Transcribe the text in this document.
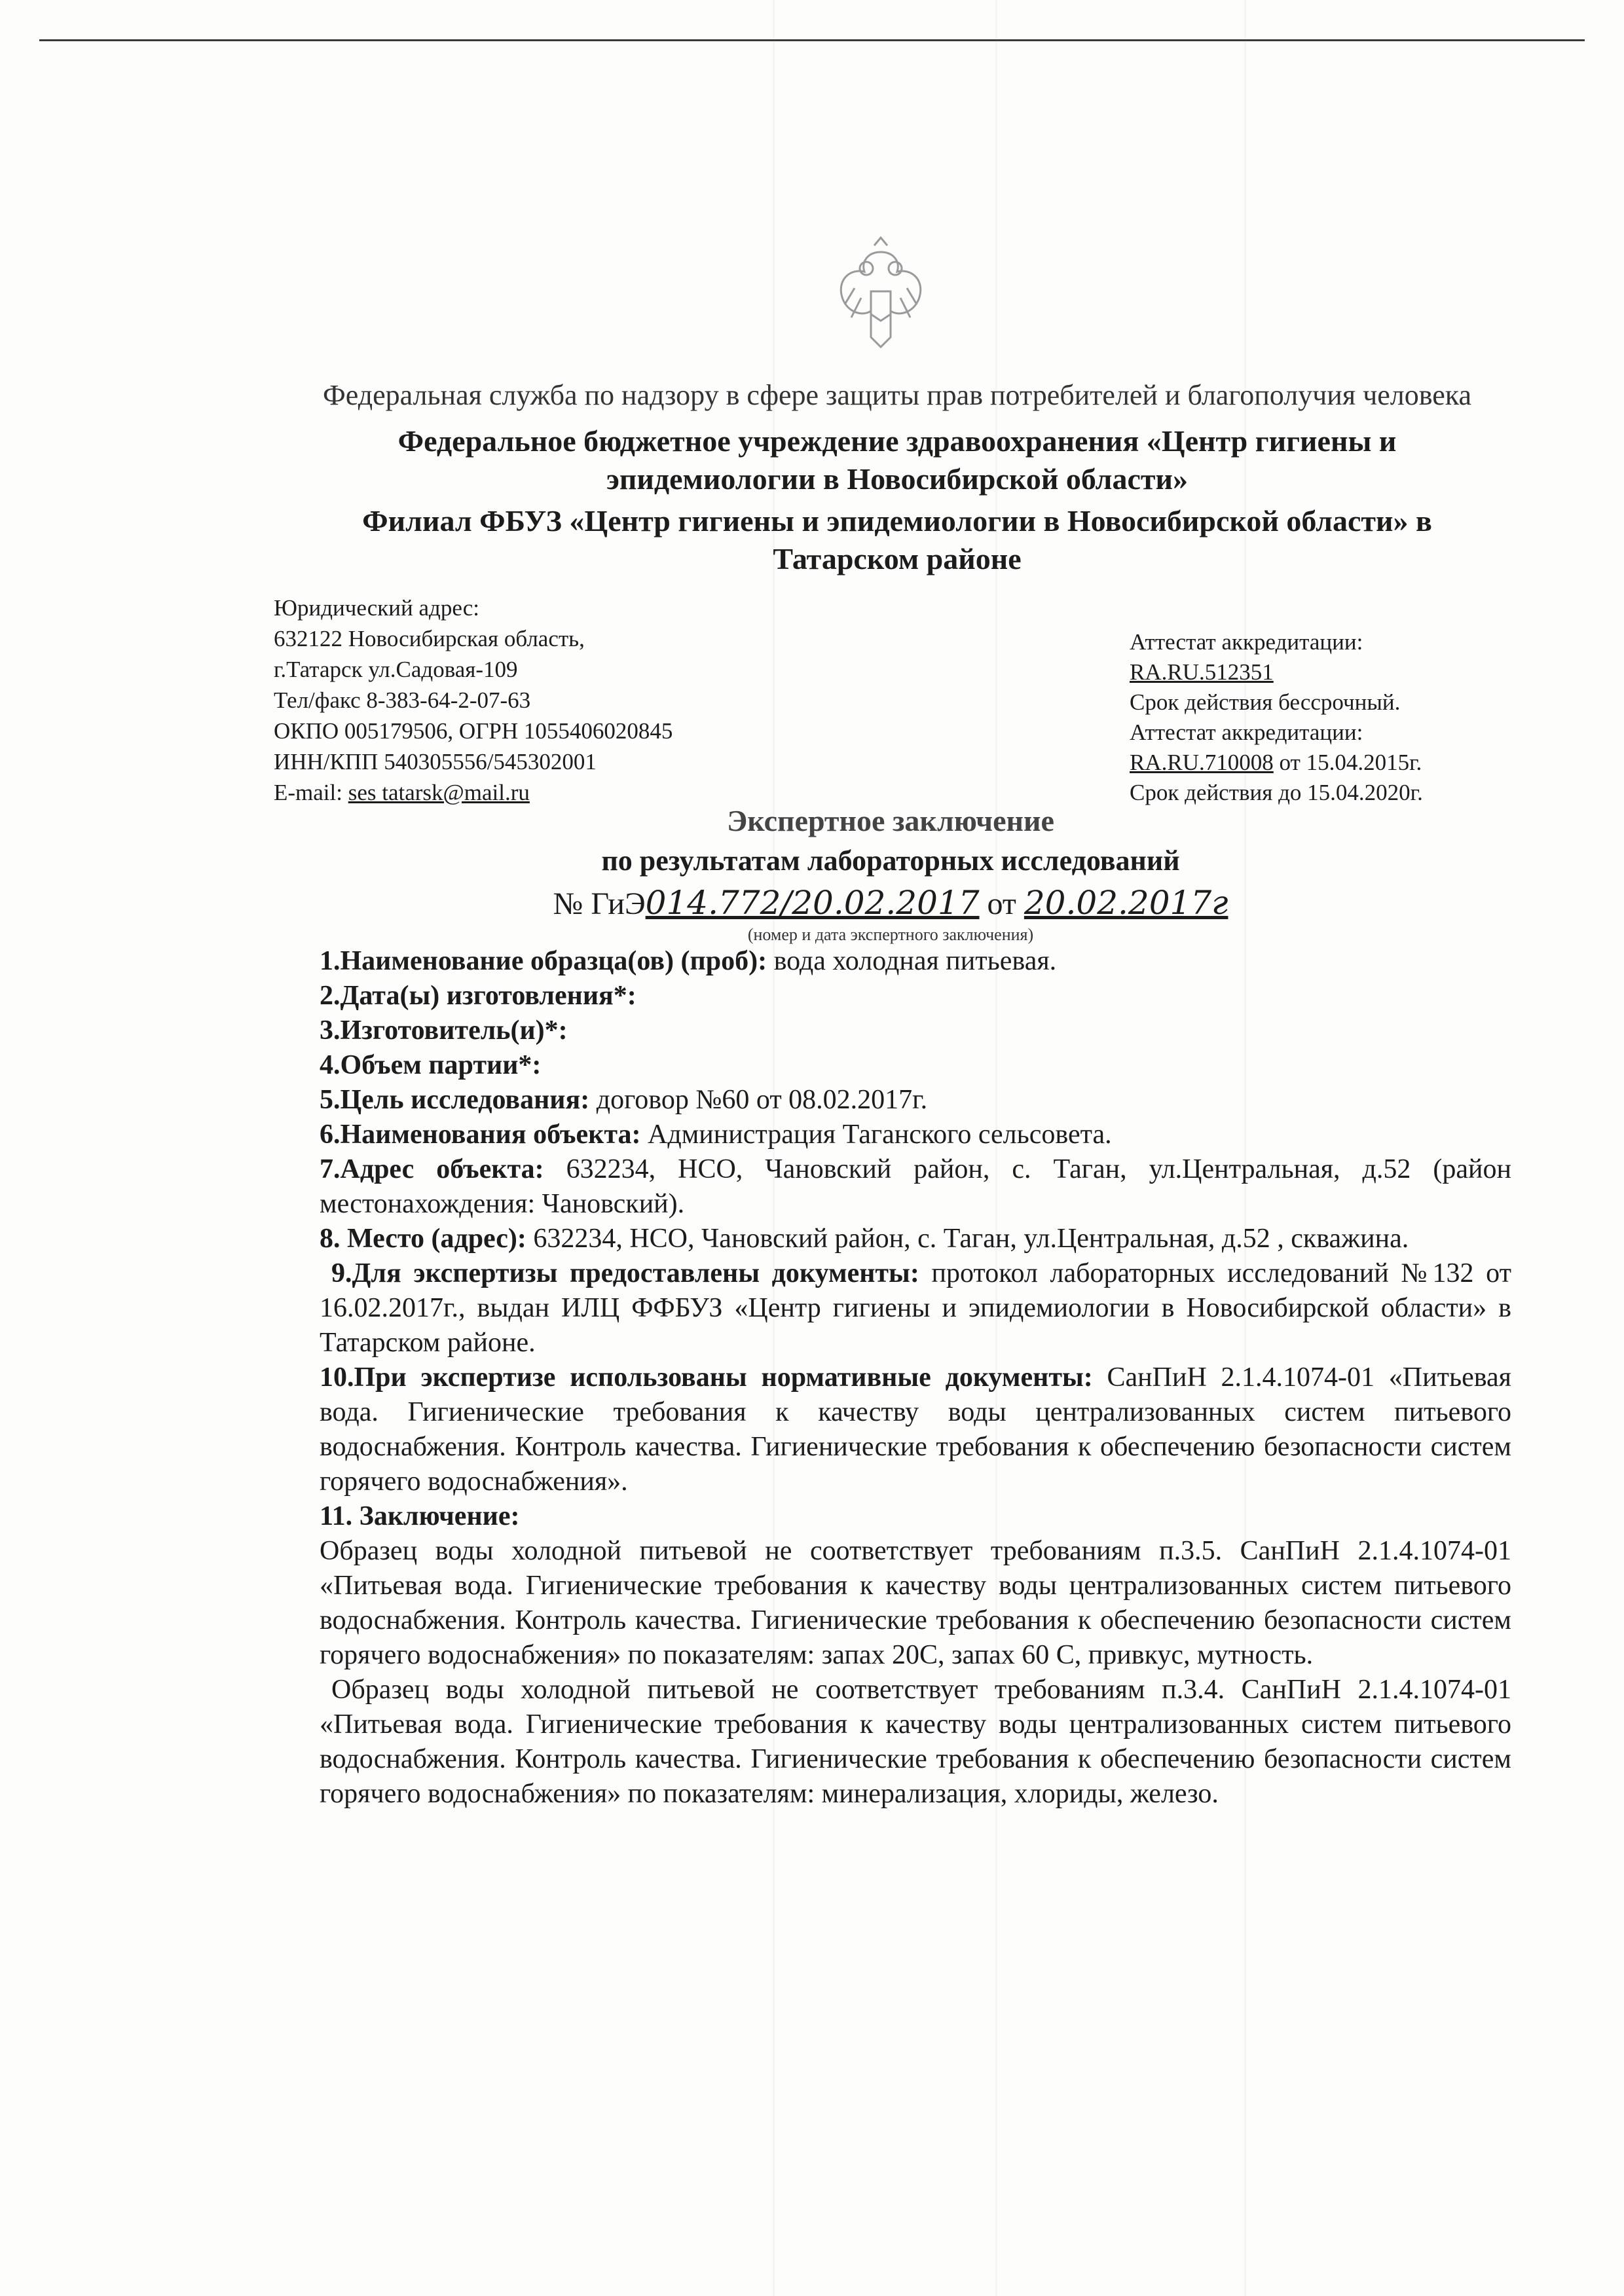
Федеральная служба по надзору в сфере защиты прав потребителей и благополучия человека
Федеральное бюджетное учреждение здравоохранения «Центр гигиены и эпидемиологии в Новосибирской области»
Филиал ФБУЗ «Центр гигиены и эпидемиологии в Новосибирской области» в Татарском районе
Юридический адрес:
632122 Новосибирская область,
г.Татарск ул.Садовая-109
Тел/факс 8-383-64-2-07-63
ОКПО 005179506, ОГРН 1055406020845
ИНН/КПП 540305556/545302001
E-mail: ses tatarsk@mail.ru
Аттестат аккредитации:
RA.RU.512351
Срок действия бессрочный.
Аттестат аккредитации:
RA.RU.710008 от 15.04.2015г.
Срок действия до 15.04.2020г.
Экспертное заключение
по результатам лабораторных исследований
№ ГиЭ014.772/20.02.2017 от 20.02.2017г
(номер и дата экспертного заключения)

1.Наименование образца(ов) (проб): вода холодная питьевая.

2.Дата(ы) изготовления*:

3.Изготовитель(и)*:

4.Объем партии*:

5.Цель исследования: договор №60 от 08.02.2017г.

6.Наименования объекта: Администрация Таганского сельсовета.

7.Адрес объекта: 632234, НСО, Чановский район, с. Таган, ул.Центральная, д.52 (район местонахождения: Чановский).

8. Место (адрес): 632234, НСО, Чановский район, с. Таган, ул.Центральная, д.52 , скважина.

9.Для экспертизы предоставлены документы: протокол лабораторных исследований №132 от 16.02.2017г., выдан ИЛЦ ФФБУЗ «Центр гигиены и эпидемиологии в Новосибирской области» в Татарском районе.

10.При экспертизе использованы нормативные документы: СанПиН 2.1.4.1074-01 «Питьевая вода. Гигиенические требования к качеству воды централизованных систем питьевого водоснабжения. Контроль качества. Гигиенические требования к обеспечению безопасности систем горячего водоснабжения».

11. Заключение:

Образец воды холодной питьевой не соответствует требованиям п.3.5. СанПиН 2.1.4.1074-01 «Питьевая вода. Гигиенические требования к качеству воды централизованных систем питьевого водоснабжения. Контроль качества. Гигиенические требования к обеспечению безопасности систем горячего водоснабжения» по показателям: запах 20С, запах 60 С, привкус, мутность.

Образец воды холодной питьевой не соответствует требованиям п.3.4. СанПиН 2.1.4.1074-01 «Питьевая вода. Гигиенические требования к качеству воды централизованных систем питьевого водоснабжения. Контроль качества. Гигиенические требования к обеспечению безопасности систем горячего водоснабжения» по показателям: минерализация, хлориды, железо.
